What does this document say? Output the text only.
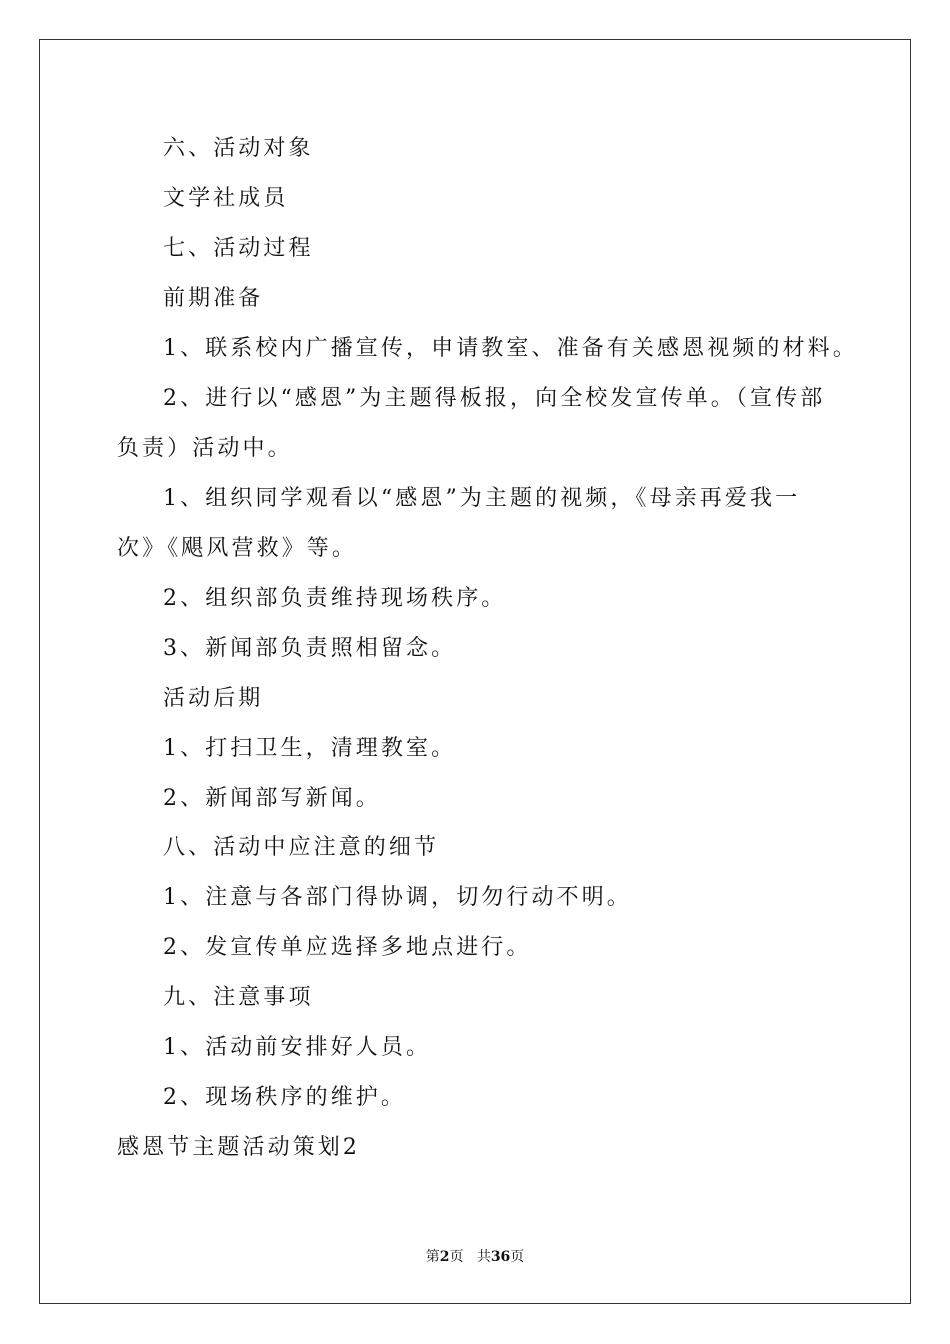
六、活动对象
文学社成员
七、活动过程
前期准备
1、联系校内广播宣传，申请教室、准备有关感恩视频的材料。
2、进行以“感恩”为主题得板报，向全校发宣传单。（宣传部
负责）活动中。
1、组织同学观看以“感恩”为主题的视频，《母亲再爱我一
次》《飓风营救》等。
2、组织部负责维持现场秩序。
3、新闻部负责照相留念。
活动后期
1、打扫卫生，清理教室。
2、新闻部写新闻。
八、活动中应注意的细节
1、注意与各部门得协调，切勿行动不明。
2、发宣传单应选择多地点进行。
九、注意事项
1、活动前安排好人员。
2、现场秩序的维护。
感恩节主题活动策划2
第2页 共36页
